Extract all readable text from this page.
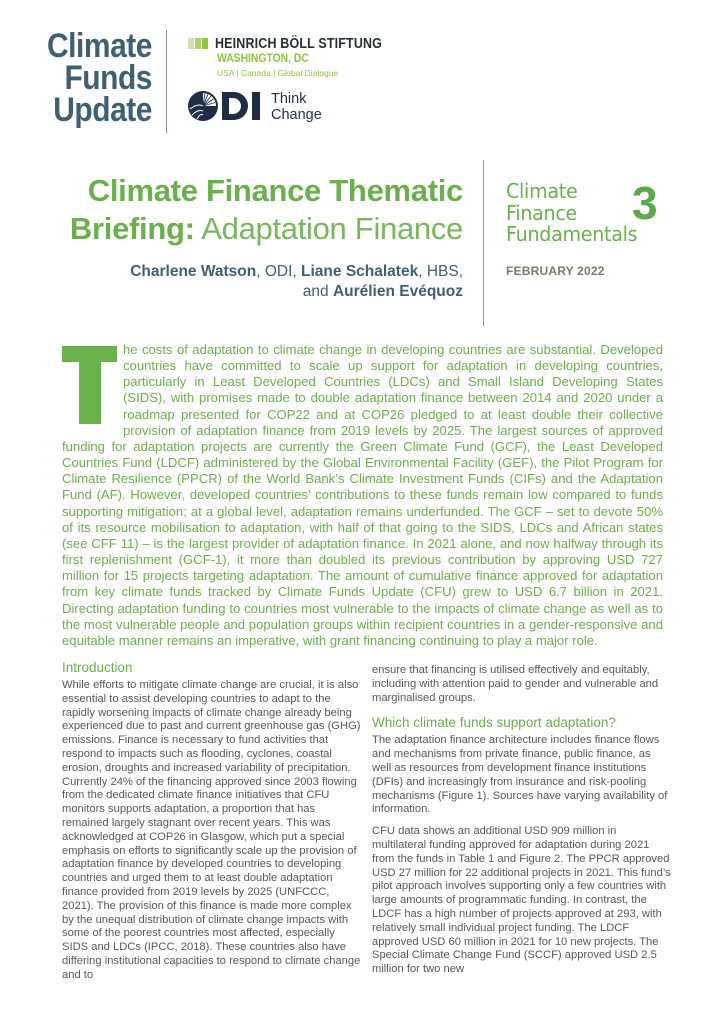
Climate
Funds
Update
HEINRICH BÖLL STIFTUNG
WASHINGTON, DC
USA | Canada | Global Dialogue
Think
Change
Climate Finance Thematic
Briefing: Adaptation Finance
Charlene Watson, ODI, Liane Schalatek, HBS,
and Aurélien Evéquoz
Climate
Finance
Fundamentals
3
FEBRUARY 2022
he costs of adaptation to climate change in developing countries are substantial. Developed countries have committed to scale up support for adaptation in developing countries, particularly in Least Developed Countries (LDCs) and Small Island Developing States (SIDS), with promises made to double adaptation finance between 2014 and 2020 under a roadmap presented for COP22 and at COP26 pledged to at least double their collective provision of adaptation finance from 2019 levels by 2025. The largest sources of approved funding for adaptation projects are currently the Green Climate Fund (GCF), the Least Developed Countries Fund (LDCF) administered by the Global Environmental Facility (GEF), the Pilot Program for Climate Resilience (PPCR) of the World Bank’s Climate Investment Funds (CIFs) and the Adaptation Fund (AF). However, developed countries’ contributions to these funds remain low compared to funds supporting mitigation; at a global level, adaptation remains underfunded. The GCF – set to devote 50% of its resource mobilisation to adaptation, with half of that going to the SIDS, LDCs and African states (see CFF 11) – is the largest provider of adaptation finance. In 2021 alone, and now halfway through its first replenishment (GCF-1), it more than doubled its previous contribution by approving USD 727 million for 15 projects targeting adaptation. The amount of cumulative finance approved for adaptation from key climate funds tracked by Climate Funds Update (CFU) grew to USD 6.7 billion in 2021. Directing adaptation funding to countries most vulnerable to the impacts of climate change as well as to the most vulnerable people and population groups within recipient countries in a gender-responsive and equitable manner remains an imperative, with grant financing continuing to play a major role.
Introduction

While efforts to mitigate climate change are crucial, it is also essential to assist developing countries to adapt to the rapidly worsening impacts of climate change already being experienced due to past and current greenhouse gas (GHG) emissions. Finance is necessary to fund activities that respond to impacts such as flooding, cyclones, coastal erosion, droughts and increased variability of precipitation. Currently 24% of the financing approved since 2003 flowing from the dedicated climate finance initiatives that CFU monitors supports adaptation, a proportion that has remained largely stagnant over recent years. This was acknowledged at COP26 in Glasgow, which put a special emphasis on efforts to significantly scale up the provision of adaptation finance by developed countries to developing countries and urged them to at least double adaptation finance provided from 2019 levels by 2025 (UNFCCC, 2021). The provision of this finance is made more complex by the unequal distribution of climate change impacts with some of the poorest countries most affected, especially SIDS and LDCs (IPCC, 2018). These countries also have differing institutional capacities to respond to climate change and to

ensure that financing is utilised effectively and equitably, including with attention paid to gender and vulnerable and marginalised groups.

Which climate funds support adaptation?

The adaptation finance architecture includes finance flows and mechanisms from private finance, public finance, as well as resources from development finance institutions (DFIs) and increasingly from insurance and risk-pooling mechanisms (Figure 1). Sources have varying availability of information.

CFU data shows an additional USD 909 million in multilateral funding approved for adaptation during 2021 from the funds in Table 1 and Figure 2. The PPCR approved USD 27 million for 22 additional projects in 2021. This fund’s pilot approach involves supporting only a few countries with large amounts of programmatic funding. In contrast, the LDCF has a high number of projects approved at 293, with relatively small individual project funding. The LDCF approved USD 60 million in 2021 for 10 new projects. The Special Climate Change Fund (SCCF) approved USD 2.5 million for two new
